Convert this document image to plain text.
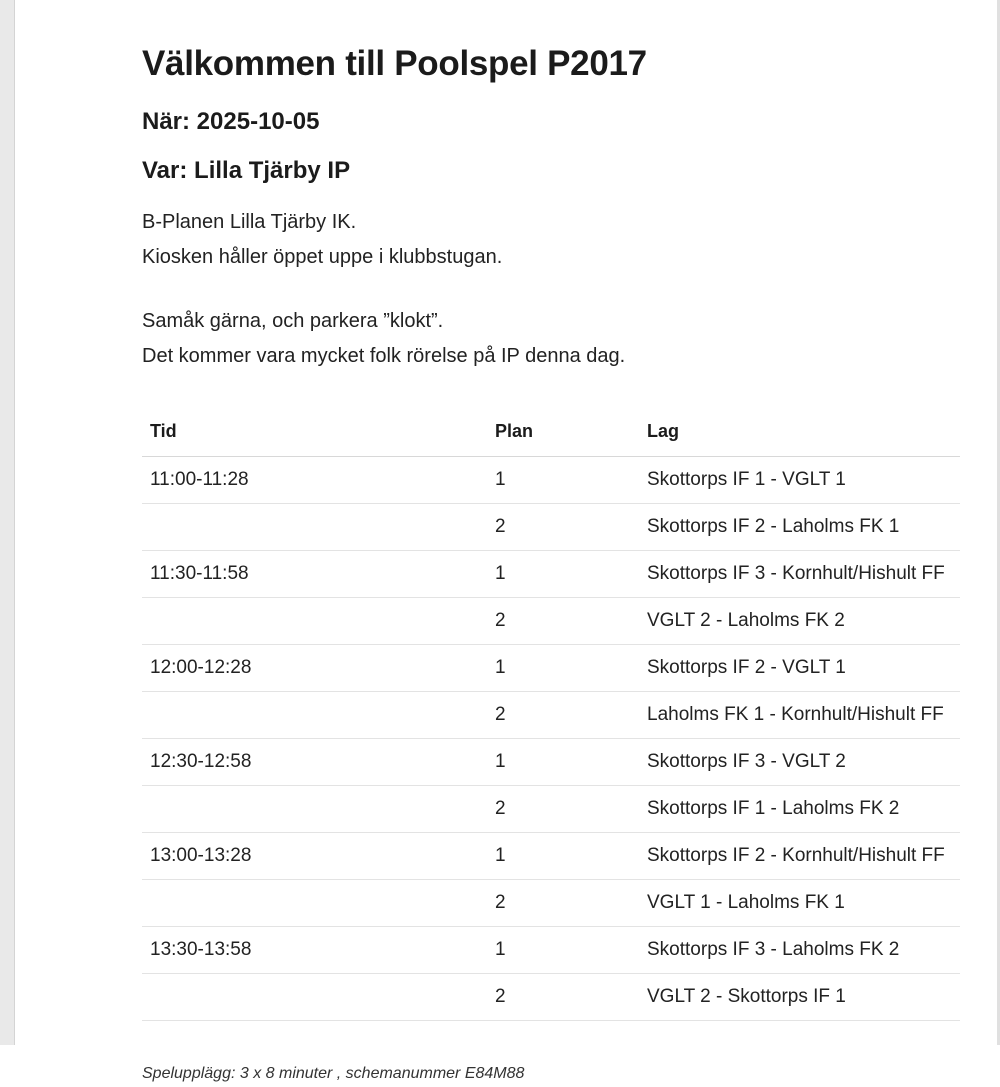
Välkommen till Poolspel P2017
När: 2025-10-05
Var: Lilla Tjärby IP
B-Planen Lilla Tjärby IK.
Kiosken håller öppet uppe i klubbstugan.
Samåk gärna, och parkera ”klokt”.
Det kommer vara mycket folk rörelse på IP denna dag.
Tid	Plan	Lag
11:00-11:28	1	Skottorps IF 1 - VGLT 1
	2	Skottorps IF 2 - Laholms FK 1
11:30-11:58	1	Skottorps IF 3 - Kornhult/Hishult FF
	2	VGLT 2 - Laholms FK 2
12:00-12:28	1	Skottorps IF 2 - VGLT 1
	2	Laholms FK 1 - Kornhult/Hishult FF
12:30-12:58	1	Skottorps IF 3 - VGLT 2
	2	Skottorps IF 1 - Laholms FK 2
13:00-13:28	1	Skottorps IF 2 - Kornhult/Hishult FF
	2	VGLT 1 - Laholms FK 1
13:30-13:58	1	Skottorps IF 3 - Laholms FK 2
	2	VGLT 2 - Skottorps IF 1
Spelupplägg: 3 x 8 minuter , schemanummer E84M88
